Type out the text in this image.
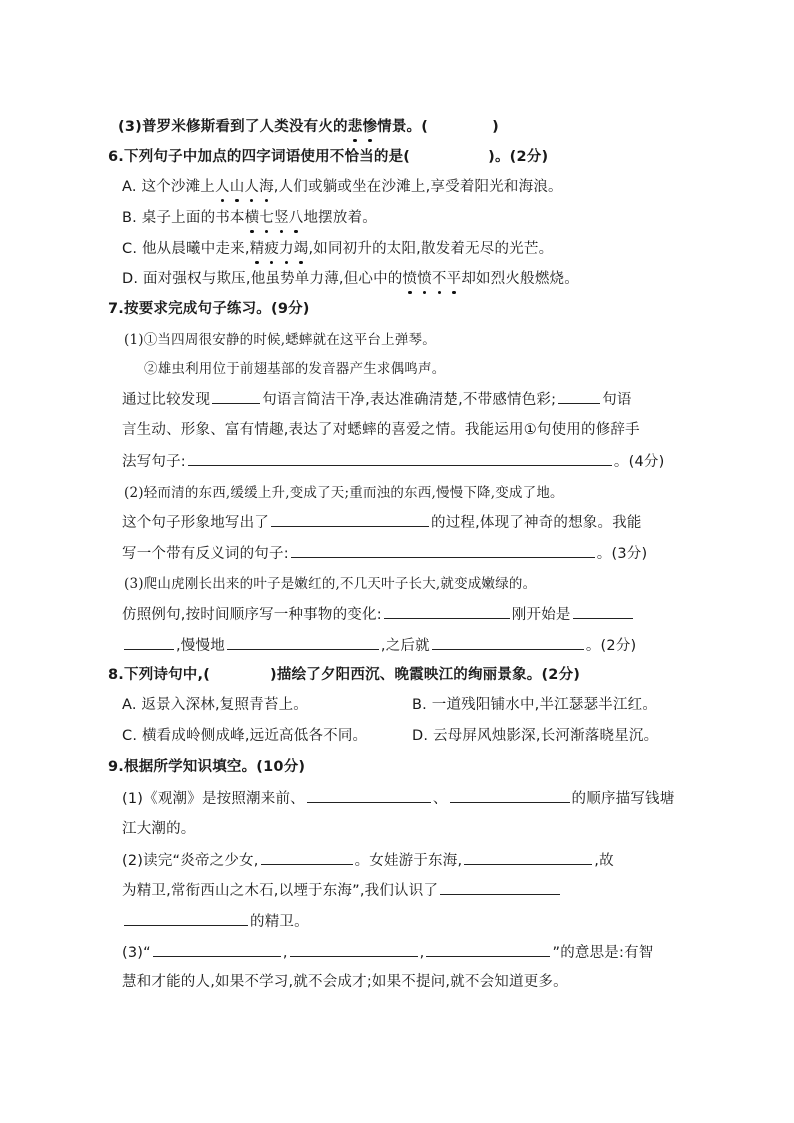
(3)普罗米修斯看到了人类没有火的悲惨情景。(	)
6.下列句子中加点的四字词语使用不恰当的是(	)。(2分)
A. 这个沙滩上人山人海,人们或躺或坐在沙滩上,享受着阳光和海浪。
B. 桌子上面的书本横七竖八地摆放着。
C. 他从晨曦中走来,精疲力竭,如同初升的太阳,散发着无尽的光芒。
D. 面对强权与欺压,他虽势单力薄,但心中的愤愤不平却如烈火般燃烧。
7.按要求完成句子练习。(9分)
(1)①当四周很安静的时候,蟋蟀就在这平台上弹琴。
②雄虫利用位于前翅基部的发音器产生求偶鸣声。
通过比较发现	句语言简洁干净,表达准确清楚,不带感情色彩;	句语
言生动、形象、富有情趣,表达了对蟋蟀的喜爱之情。我能运用①句使用的修辞手
法写句子:	。(4分)
(2)轻而清的东西,缓缓上升,变成了天;重而浊的东西,慢慢下降,变成了地。
这个句子形象地写出了	的过程,体现了神奇的想象。我能
写一个带有反义词的句子:	。(3分)
(3)爬山虎刚长出来的叶子是嫩红的,不几天叶子长大,就变成嫩绿的。
仿照例句,按时间顺序写一种事物的变化:	刚开始是
,慢慢地	,之后就	。(2分)
8.下列诗句中,(	)描绘了夕阳西沉、晚霞映江的绚丽景象。(2分)
A. 返景入深林,复照青苔上。	B. 一道残阳铺水中,半江瑟瑟半江红。
C. 横看成岭侧成峰,远近高低各不同。	D. 云母屏风烛影深,长河渐落晓星沉。
9.根据所学知识填空。(10分)
(1)《观潮》是按照潮来前、	、	的顺序描写钱塘
江大潮的。
(2)读完“炎帝之少女,	。女娃游于东海,	,故
为精卫,常衔西山之木石,以堙于东海”,我们认识了
的精卫。
(3)“	,	,	”的意思是:有智
慧和才能的人,如果不学习,就不会成才;如果不提问,就不会知道更多。
